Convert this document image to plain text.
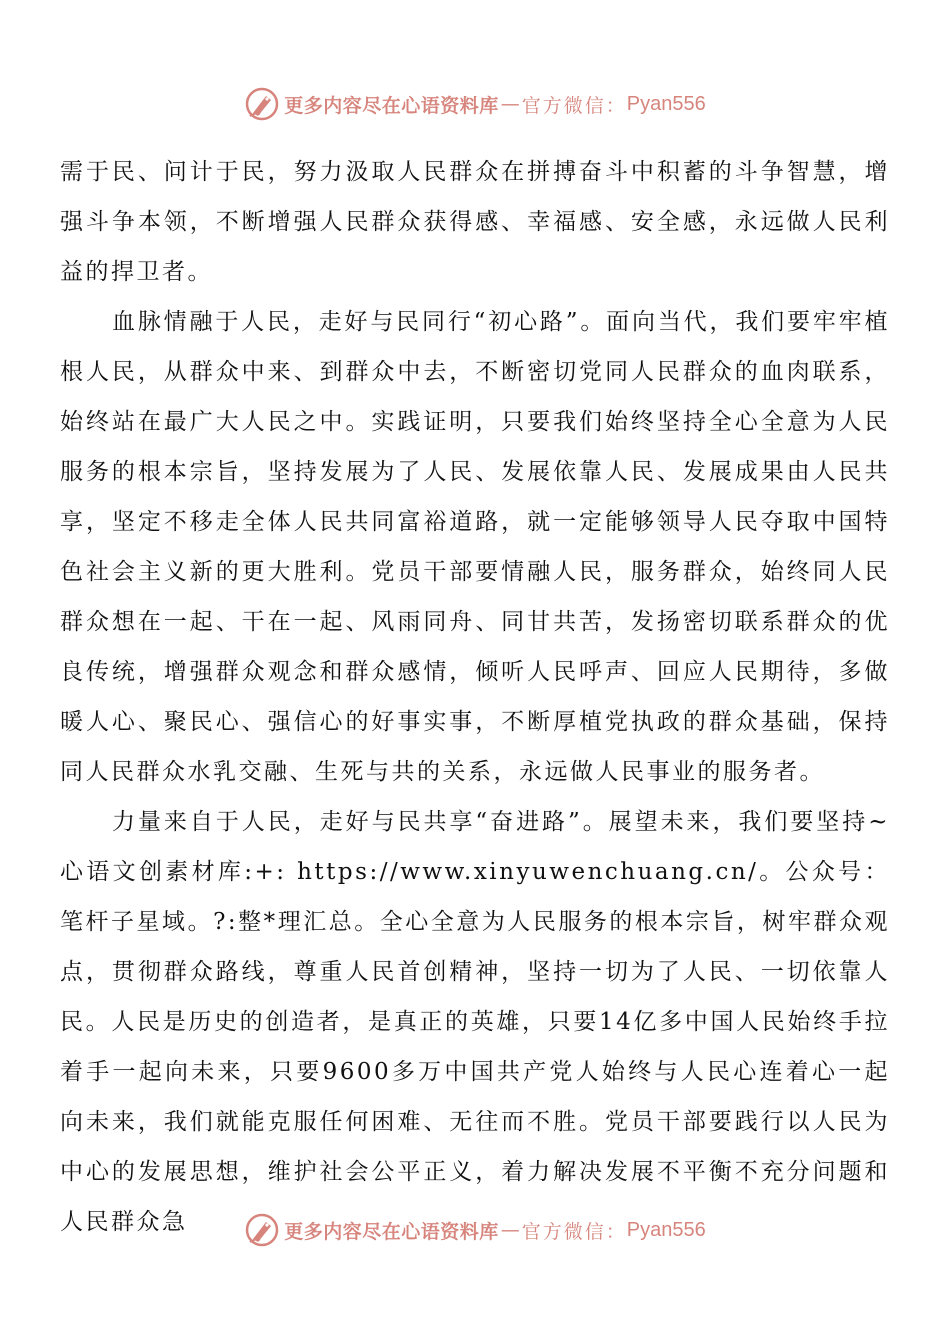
更多内容尽在心语资料库 — 官方微信： Pyan556

需于民、问计于民，努力汲取人民群众在拼搏奋斗中积蓄的斗争智慧，增强斗争本领，不断增强人民群众获得感、幸福感、安全感，永远做人民利益的捍卫者。

血脉情融于人民，走好与民同行“初心路”。面向当代，我们要牢牢植根人民，从群众中来、到群众中去，不断密切党同人民群众的血肉联系，始终站在最广大人民之中。实践证明，只要我们始终坚持全心全意为人民服务的根本宗旨，坚持发展为了人民、发展依靠人民、发展成果由人民共享，坚定不移走全体人民共同富裕道路，就一定能够领导人民夺取中国特色社会主义新的更大胜利。党员干部要情融人民，服务群众，始终同人民群众想在一起、干在一起、风雨同舟、同甘共苦，发扬密切联系群众的优良传统，增强群众观念和群众感情，倾听人民呼声、回应人民期待，多做暖人心、聚民心、强信心的好事实事，不断厚植党执政的群众基础，保持同人民群众水乳交融、生死与共的关系，永远做人民事业的服务者。

力量来自于人民，走好与民共享“奋进路”。展望未来，我们要坚持~心语文创素材库:+: https://www.xinyuwenchuang.cn/。公众号：笔杆子星域。?:整*理汇总。全心全意为人民服务的根本宗旨，树牢群众观点，贯彻群众路线，尊重人民首创精神，坚持一切为了人民、一切依靠人民。人民是历史的创造者，是真正的英雄，只要14亿多中国人民始终手拉着手一起向未来，只要9600多万中国共产党人始终与人民心连着心一起向未来，我们就能克服任何困难、无往而不胜。党员干部要践行以人民为中心的发展思想，维护社会公平正义，着力解决发展不平衡不充分问题和人民群众急	更多内容尽在心语资料库 — 官方微信： Pyan556
